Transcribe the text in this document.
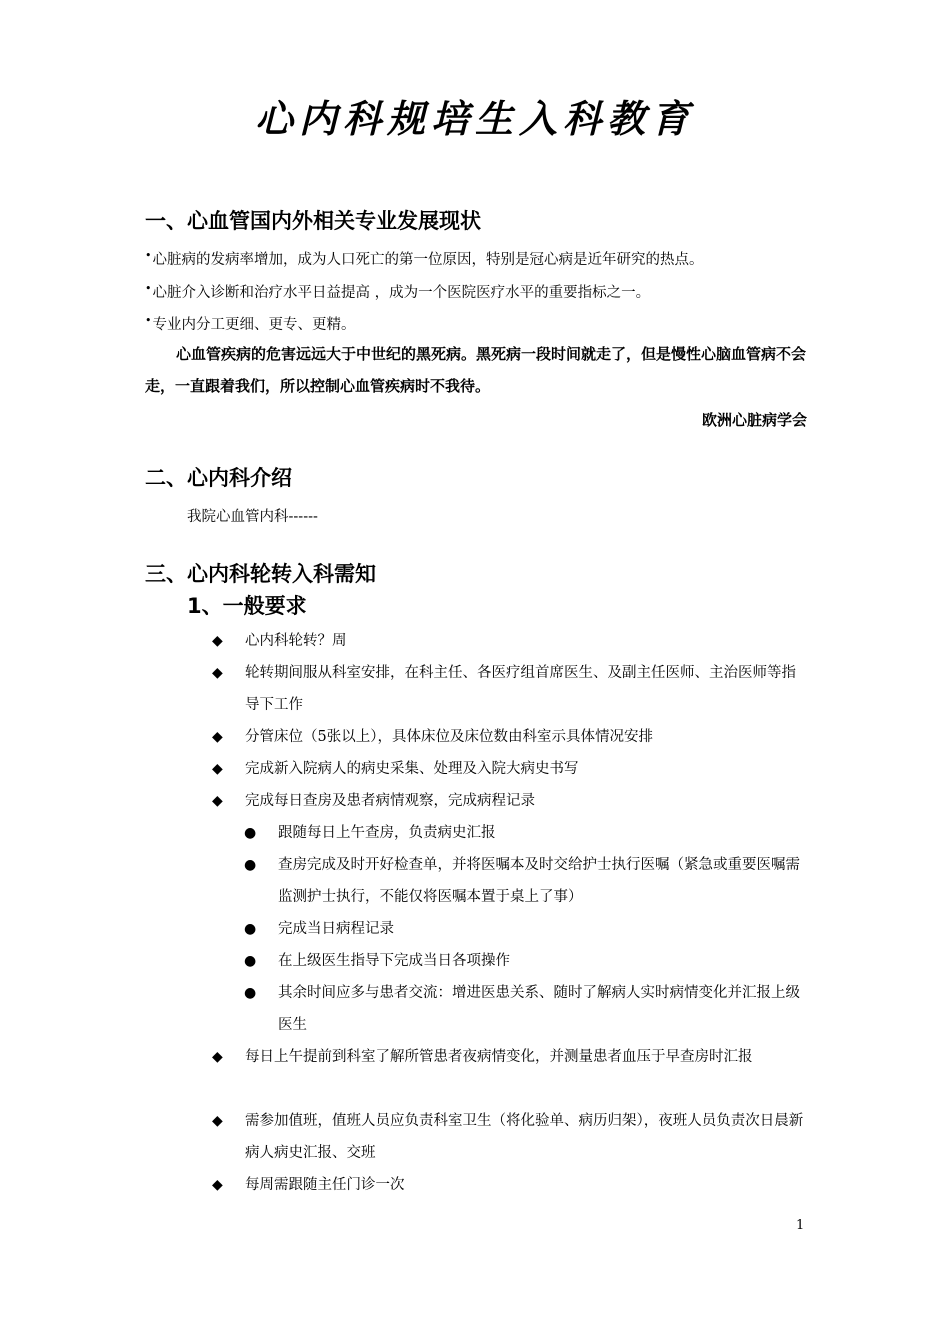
心内科规培生入科教育
一、心血管国内外相关专业发展现状
•心脏病的发病率增加，成为人口死亡的第一位原因，特别是冠心病是近年研究的热点。
•心脏介入诊断和治疗水平日益提高 ，成为一个医院医疗水平的重要指标之一。
•专业内分工更细、更专、更精。
心血管疾病的危害远远大于中世纪的黑死病。黑死病一段时间就走了，但是慢性心脑血管病不会走，一直跟着我们，所以控制心血管疾病时不我待。
欧洲心脏病学会
二、心内科介绍
我院心血管内科------
三、心内科轮转入科需知
1、一般要求
◆ 心内科轮转？周
◆ 轮转期间服从科室安排，在科主任、各医疗组首席医生、及副主任医师、主治医师等指导下工作
◆ 分管床位（5张以上），具体床位及床位数由科室示具体情况安排
◆ 完成新入院病人的病史采集、处理及入院大病史书写
◆ 完成每日查房及患者病情观察，完成病程记录
● 跟随每日上午查房，负责病史汇报
● 查房完成及时开好检查单，并将医嘱本及时交给护士执行医嘱（紧急或重要医嘱需监测护士执行，不能仅将医嘱本置于桌上了事）
● 完成当日病程记录
● 在上级医生指导下完成当日各项操作
● 其余时间应多与患者交流：增进医患关系、随时了解病人实时病情变化并汇报上级医生
◆ 每日上午提前到科室了解所管患者夜病情变化，并测量患者血压于早查房时汇报
◆ 需参加值班，值班人员应负责科室卫生（将化验单、病历归架），夜班人员负责次日晨新病人病史汇报、交班
◆ 每周需跟随主任门诊一次
1
